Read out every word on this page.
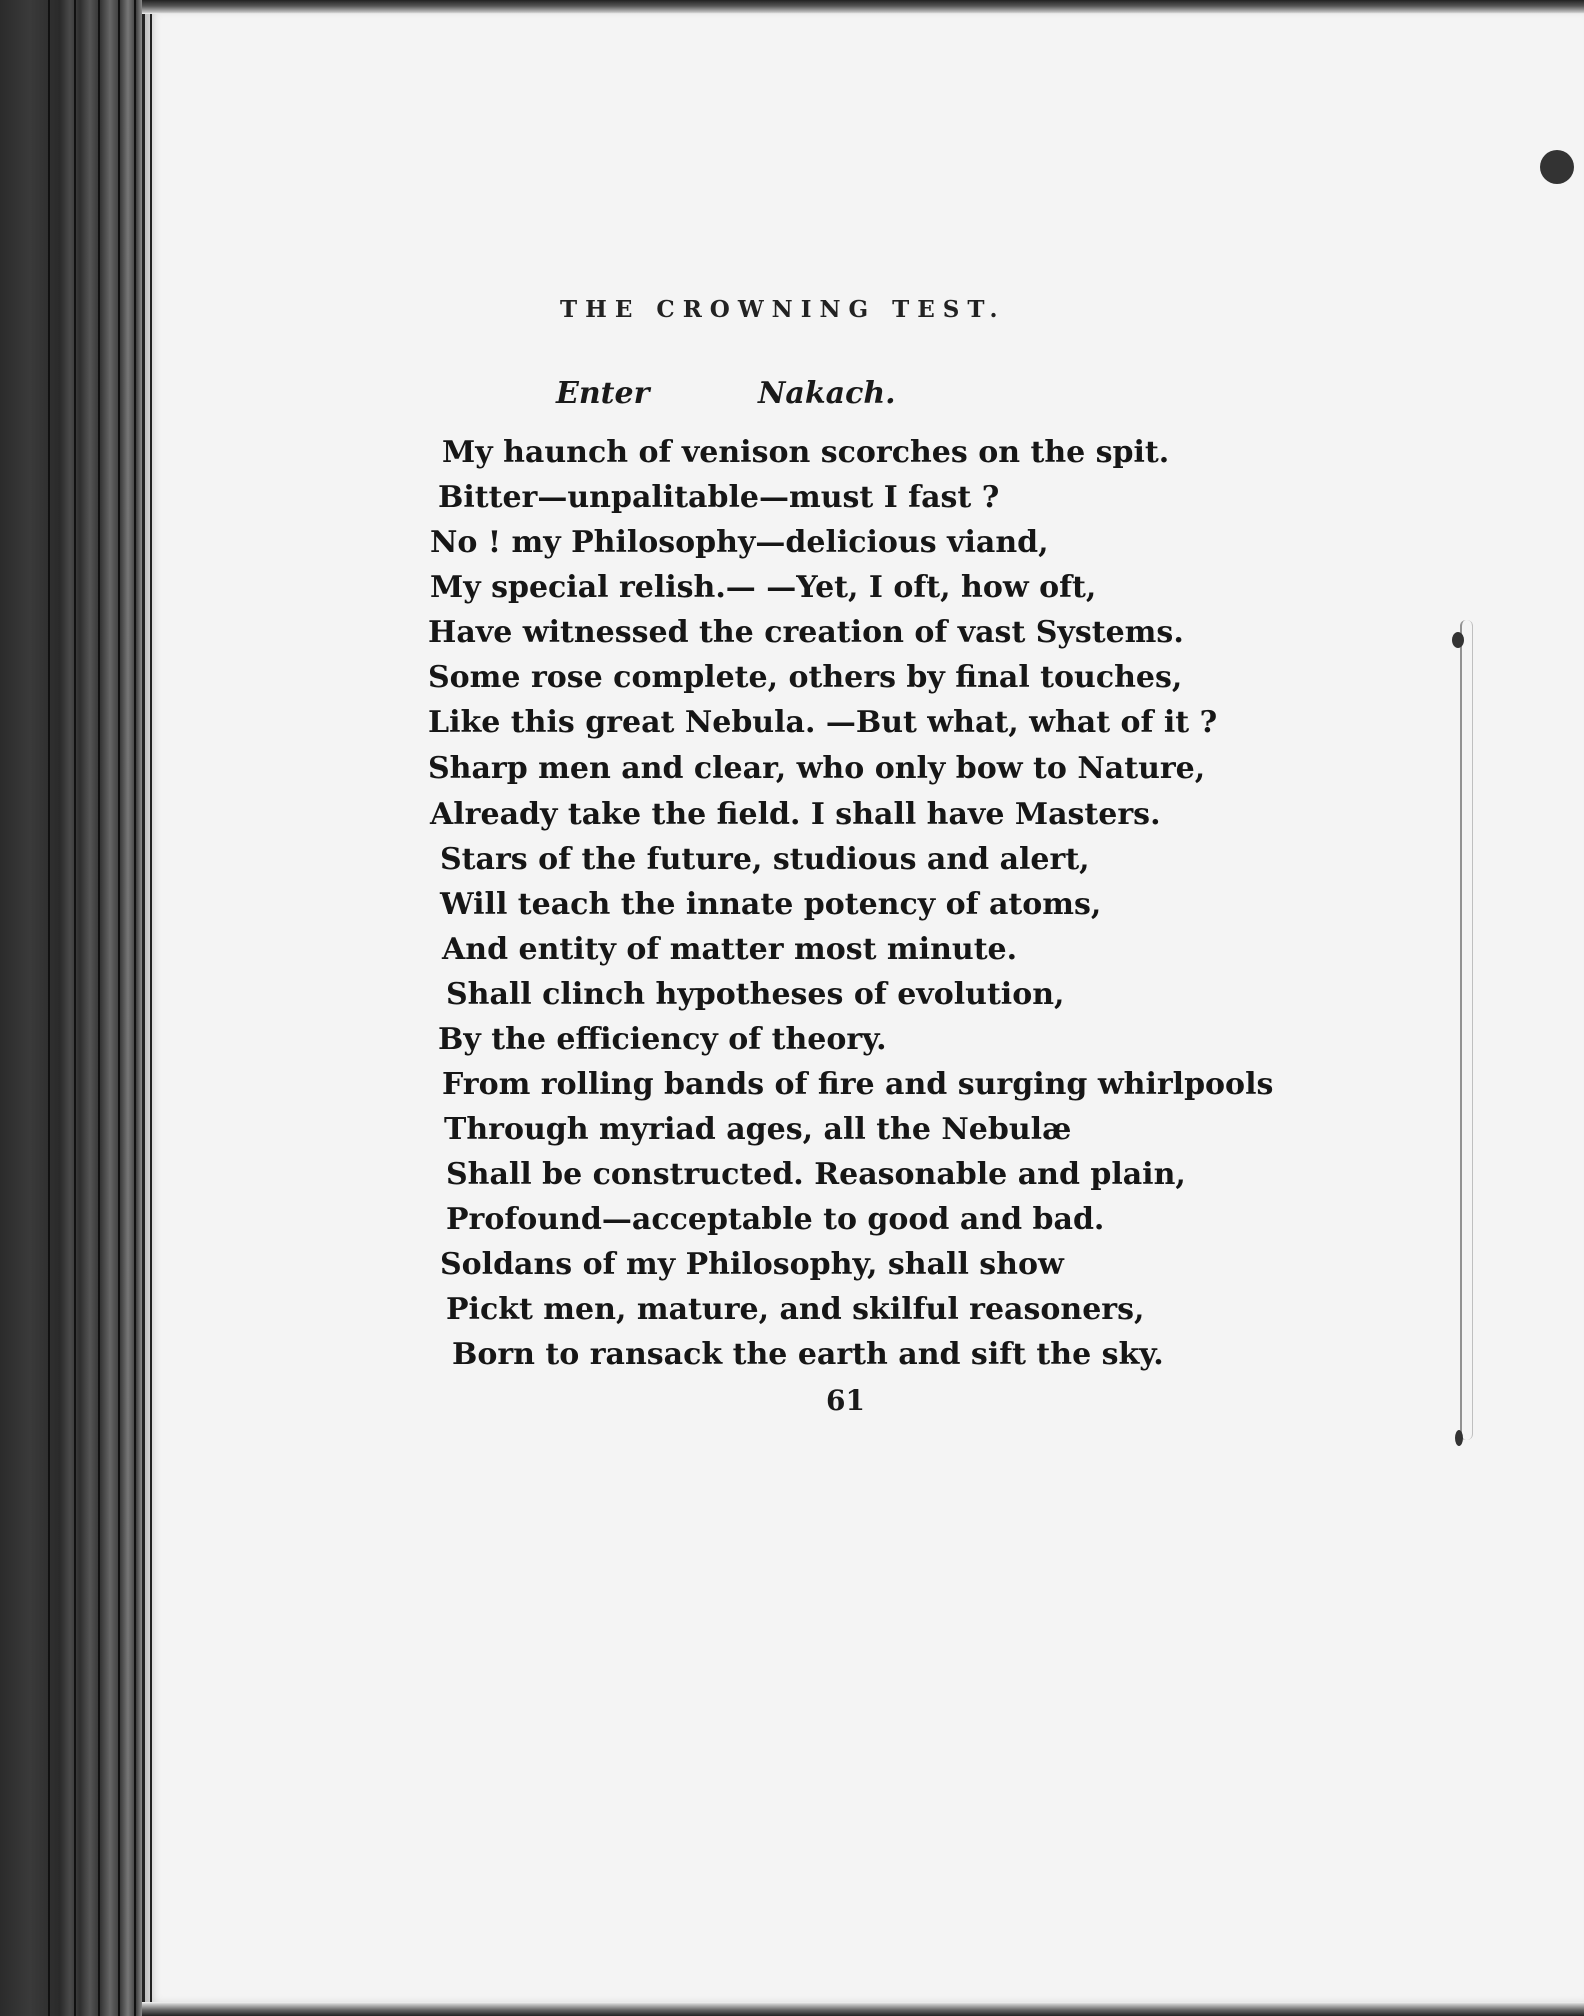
THE CROWNING TEST.
Enter	Nakach.
My haunch of venison scorches on the spit.
Bitter—unpalitable—must I fast ?
No ! my Philosophy—delicious viand,
My special relish.— —Yet, I oft, how oft,
Have witnessed the creation of vast Systems.
Some rose complete, others by final touches,
Like this great Nebula. —But what, what of it ?
Sharp men and clear, who only bow to Nature,
Already take the field. I shall have Masters.
Stars of the future, studious and alert,
Will teach the innate potency of atoms,
And entity of matter most minute.
Shall clinch hypotheses of evolution,
By the efficiency of theory.
From rolling bands of fire and surging whirlpools
Through myriad ages, all the Nebulæ
Shall be constructed. Reasonable and plain,
Profound—acceptable to good and bad.
Soldans of my Philosophy, shall show
Pickt men, mature, and skilful reasoners,
Born to ransack the earth and sift the sky.
61
